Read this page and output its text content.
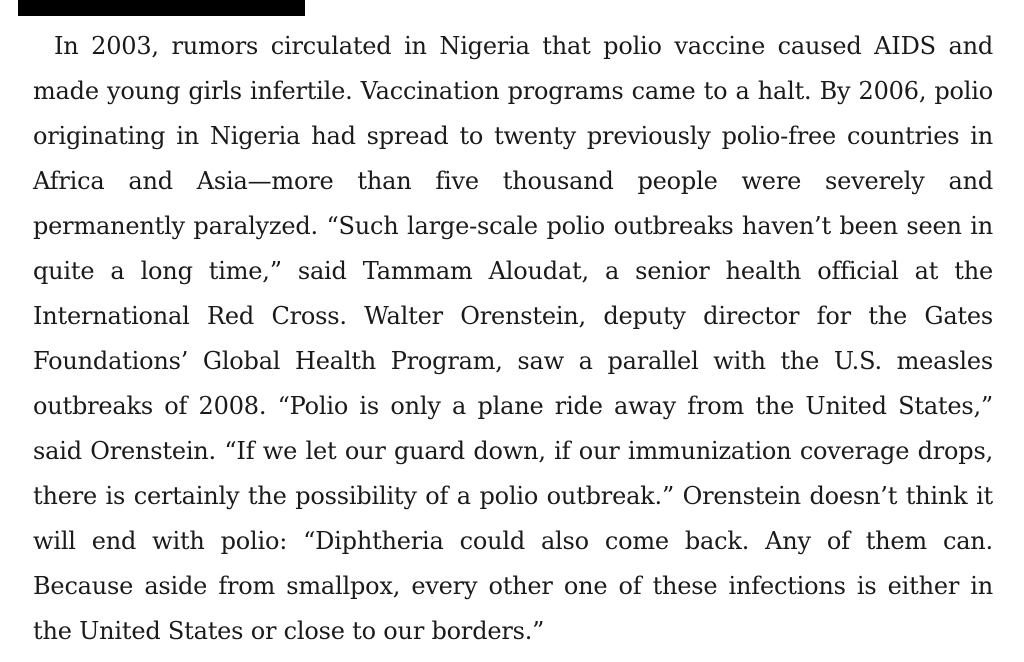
In 2003, rumors circulated in Nigeria that polio vaccine caused AIDS and made young girls infertile. Vaccination programs came to a halt. By 2006, polio originating in Nigeria had spread to twenty previously polio-free countries in Africa and Asia—more than five thousand people were severely and permanently paralyzed. “Such large-scale polio outbreaks haven’t been seen in quite a long time,” said Tammam Aloudat, a senior health official at the International Red Cross. Walter Orenstein, deputy director for the Gates Foundations’ Global Health Program, saw a parallel with the U.S. measles outbreaks of 2008. “Polio is only a plane ride away from the United States,” said Orenstein. “If we let our guard down, if our immunization coverage drops, there is certainly the possibility of a polio outbreak.” Orenstein doesn’t think it will end with polio: “Diphtheria could also come back. Any of them can. Because aside from smallpox, every other one of these infections is either in the United States or close to our borders.”
